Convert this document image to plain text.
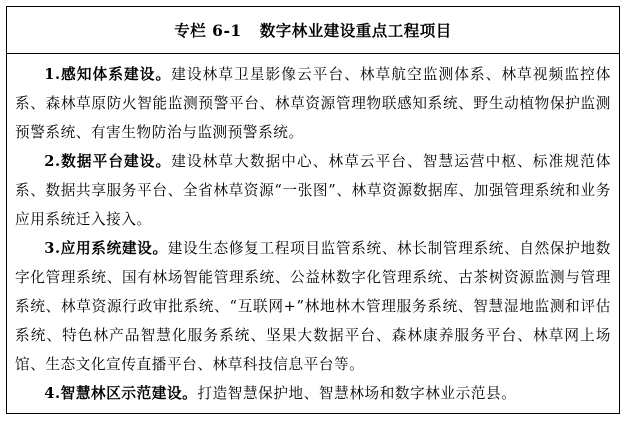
专栏 6-1 数字林业建设重点工程项目

1.感知体系建设。建设林草卫星影像云平台、林草航空监测体系、林草视频监控体系、森林草原防火智能监测预警平台、林草资源管理物联感知系统、野生动植物保护监测预警系统、有害生物防治与监测预警系统。

2.数据平台建设。建设林草大数据中心、林草云平台、智慧运营中枢、标准规范体系、数据共享服务平台、全省林草资源“一张图”、林草资源数据库、加强管理系统和业务应用系统迁入接入。

3.应用系统建设。建设生态修复工程项目监管系统、林长制管理系统、自然保护地数字化管理系统、国有林场智能管理系统、公益林数字化管理系统、古茶树资源监测与管理系统、林草资源行政审批系统、“互联网+”林地林木管理服务系统、智慧湿地监测和评估系统、特色林产品智慧化服务系统、坚果大数据平台、森林康养服务平台、林草网上场馆、生态文化宣传直播平台、林草科技信息平台等。

4.智慧林区示范建设。打造智慧保护地、智慧林场和数字林业示范县。
